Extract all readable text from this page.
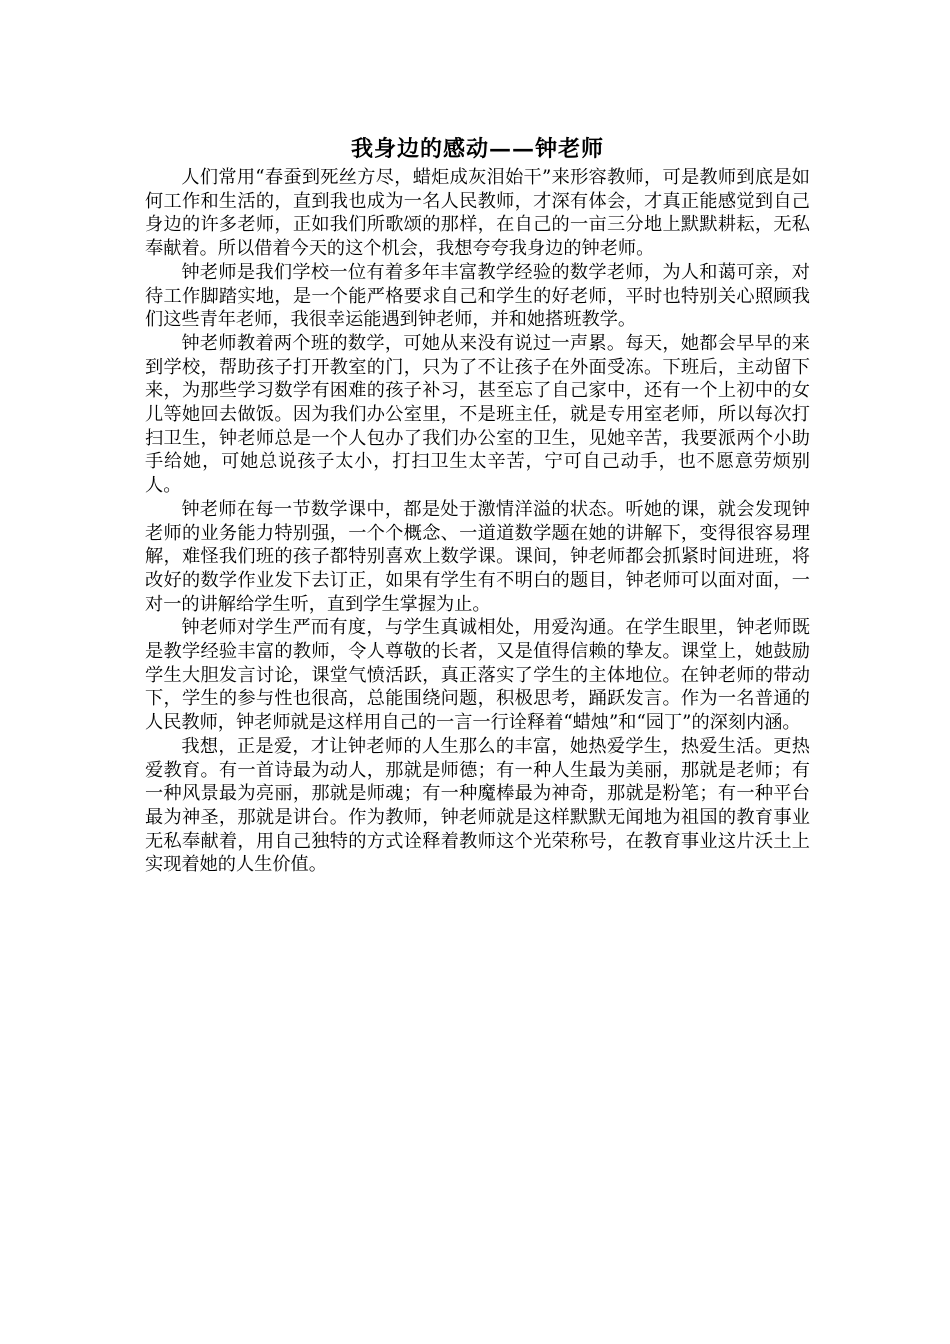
我身边的感动——钟老师

人们常用“春蚕到死丝方尽，蜡炬成灰泪始干”来形容教师，可是教师到底是如何工作和生活的，直到我也成为一名人民教师，才深有体会，才真正能感觉到自己身边的许多老师，正如我们所歌颂的那样，在自己的一亩三分地上默默耕耘，无私奉献着。所以借着今天的这个机会，我想夸夸我身边的钟老师。

钟老师是我们学校一位有着多年丰富教学经验的数学老师，为人和蔼可亲，对待工作脚踏实地，是一个能严格要求自己和学生的好老师，平时也特别关心照顾我们这些青年老师，我很幸运能遇到钟老师，并和她搭班教学。

钟老师教着两个班的数学，可她从来没有说过一声累。每天，她都会早早的来到学校，帮助孩子打开教室的门，只为了不让孩子在外面受冻。下班后，主动留下来，为那些学习数学有困难的孩子补习，甚至忘了自己家中，还有一个上初中的女儿等她回去做饭。因为我们办公室里，不是班主任，就是专用室老师，所以每次打扫卫生，钟老师总是一个人包办了我们办公室的卫生，见她辛苦，我要派两个小助手给她，可她总说孩子太小，打扫卫生太辛苦，宁可自己动手，也不愿意劳烦别人。

钟老师在每一节数学课中，都是处于激情洋溢的状态。听她的课，就会发现钟老师的业务能力特别强，一个个概念、一道道数学题在她的讲解下，变得很容易理解，难怪我们班的孩子都特别喜欢上数学课。课间，钟老师都会抓紧时间进班，将改好的数学作业发下去订正，如果有学生有不明白的题目，钟老师可以面对面，一对一的讲解给学生听，直到学生掌握为止。

钟老师对学生严而有度，与学生真诚相处，用爱沟通。在学生眼里，钟老师既是教学经验丰富的教师，令人尊敬的长者，又是值得信赖的挚友。课堂上，她鼓励学生大胆发言讨论，课堂气愤活跃，真正落实了学生的主体地位。在钟老师的带动下，学生的参与性也很高，总能围绕问题，积极思考，踊跃发言。作为一名普通的人民教师，钟老师就是这样用自己的一言一行诠释着“蜡烛”和“园丁”的深刻内涵。

我想，正是爱，才让钟老师的人生那么的丰富，她热爱学生，热爱生活。更热爱教育。有一首诗最为动人，那就是师德；有一种人生最为美丽，那就是老师；有一种风景最为亮丽，那就是师魂；有一种魔棒最为神奇，那就是粉笔；有一种平台最为神圣，那就是讲台。作为教师，钟老师就是这样默默无闻地为祖国的教育事业无私奉献着，用自己独特的方式诠释着教师这个光荣称号，在教育事业这片沃土上实现着她的人生价值。
